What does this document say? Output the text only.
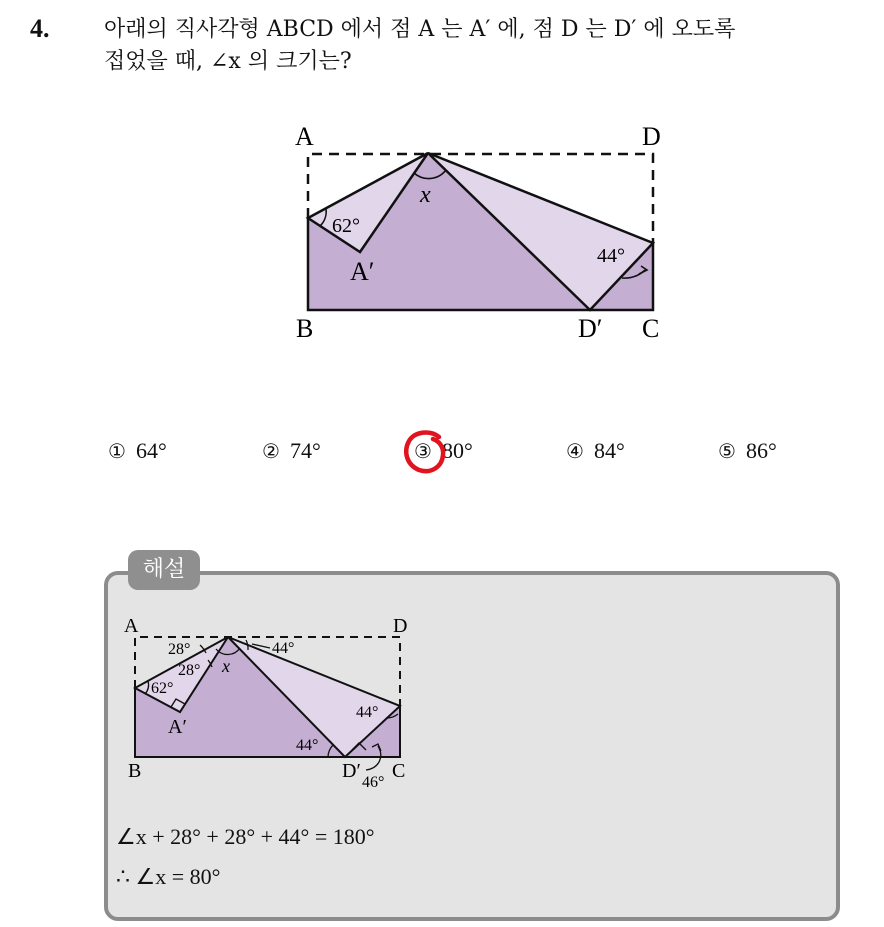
4. 아래의 직사각형 ABCD 에서 점 A 는 A′ 에, 점 D 는 D′ 에 오도록
접었을 때, ∠x 의 크기는?
A	D
B	C
A′
D′
x
62°
44°
① 64°	② 74°	③ 80°	④ 84°	⑤ 86°
해설
A	D
B	C
A′
D′
x
28°
28°
44°
62°
44°
44°
46°
∠x + 28° + 28° + 44° = 180°
∴ ∠x = 80°
